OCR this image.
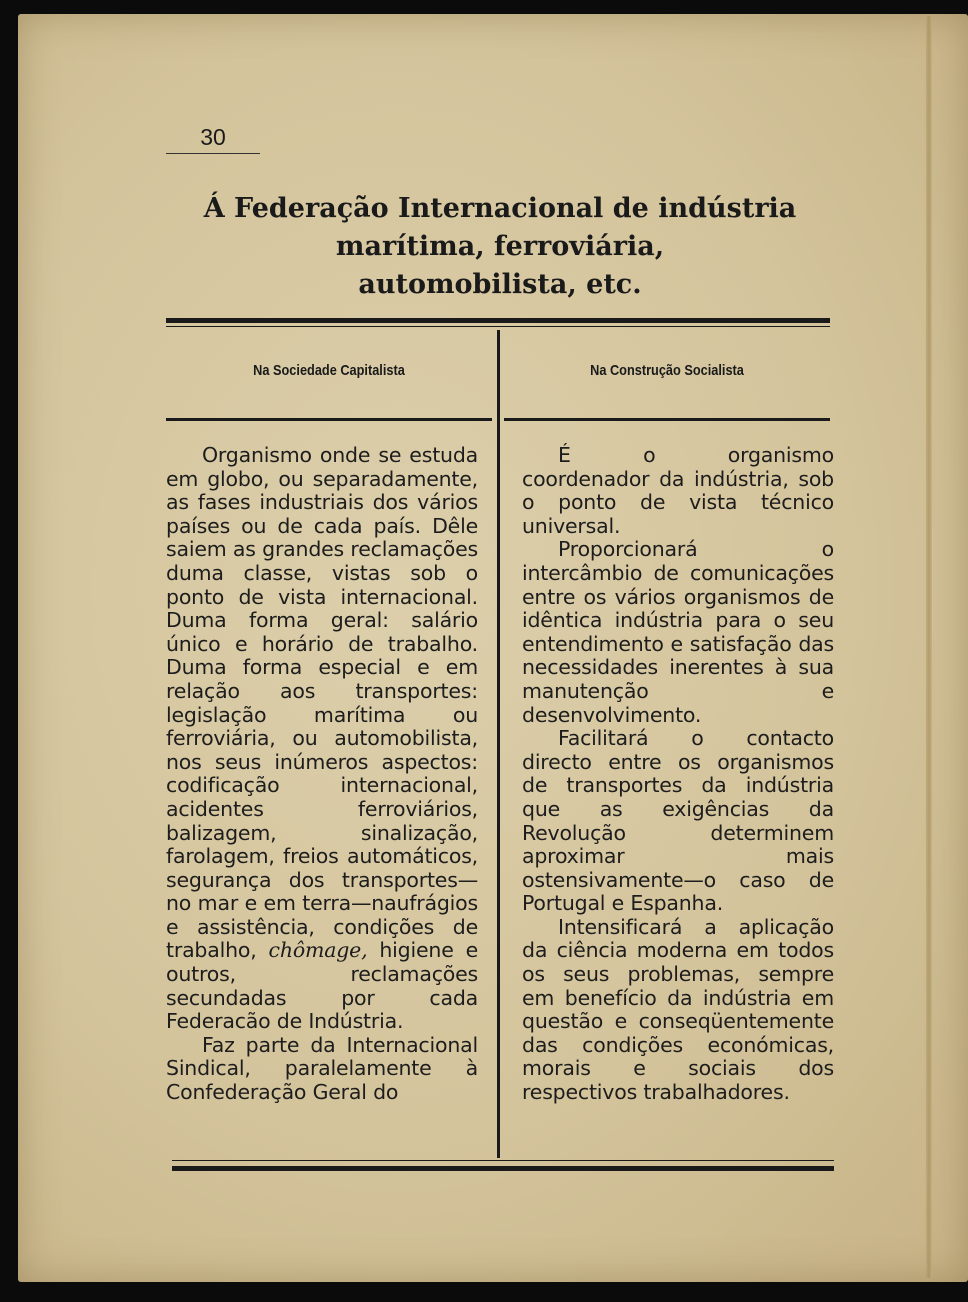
30
Á Federação Internacional de indústria
marítima, ferroviária,
automobilista, etc.
Na Sociedade Capitalista	Na Construção Socialista

Organismo onde se estuda em globo, ou separadamente, as fases industriais dos vários países ou de cada país. Dêle saiem as grandes reclamações duma classe, vistas sob o ponto de vista internacional. Duma forma geral: salário único e horário de trabalho. Duma forma especial e em relação aos transportes: legislação marítima ou ferroviária, ou automobilista, nos seus inúmeros aspectos: codificação internacional, acidentes ferroviários, balizagem, sinalização, farolagem, freios automáticos, segurança dos transportes—no mar e em terra—naufrágios e assistência, condições de trabalho, chômage, higiene e outros, reclamações secundadas por cada Federacão de Indústria.

Faz parte da Internacional Sindical, paralelamente à Confederação Geral do

É o organismo coordenador da indústria, sob o ponto de vista técnico universal.

Proporcionará o intercâmbio de comunicações entre os vários organismos de idêntica indústria para o seu entendimento e satisfação das necessidades inerentes à sua manutenção e desenvolvimento.

Facilitará o contacto directo entre os organismos de transportes da indústria que as exigências da Revolução determinem aproximar mais ostensivamente—o caso de Portugal e Espanha.

Intensificará a aplicação da ciência moderna em todos os seus problemas, sempre em benefício da indústria em questão e conseqüentemente das condições económicas, morais e sociais dos respectivos trabalhadores.
